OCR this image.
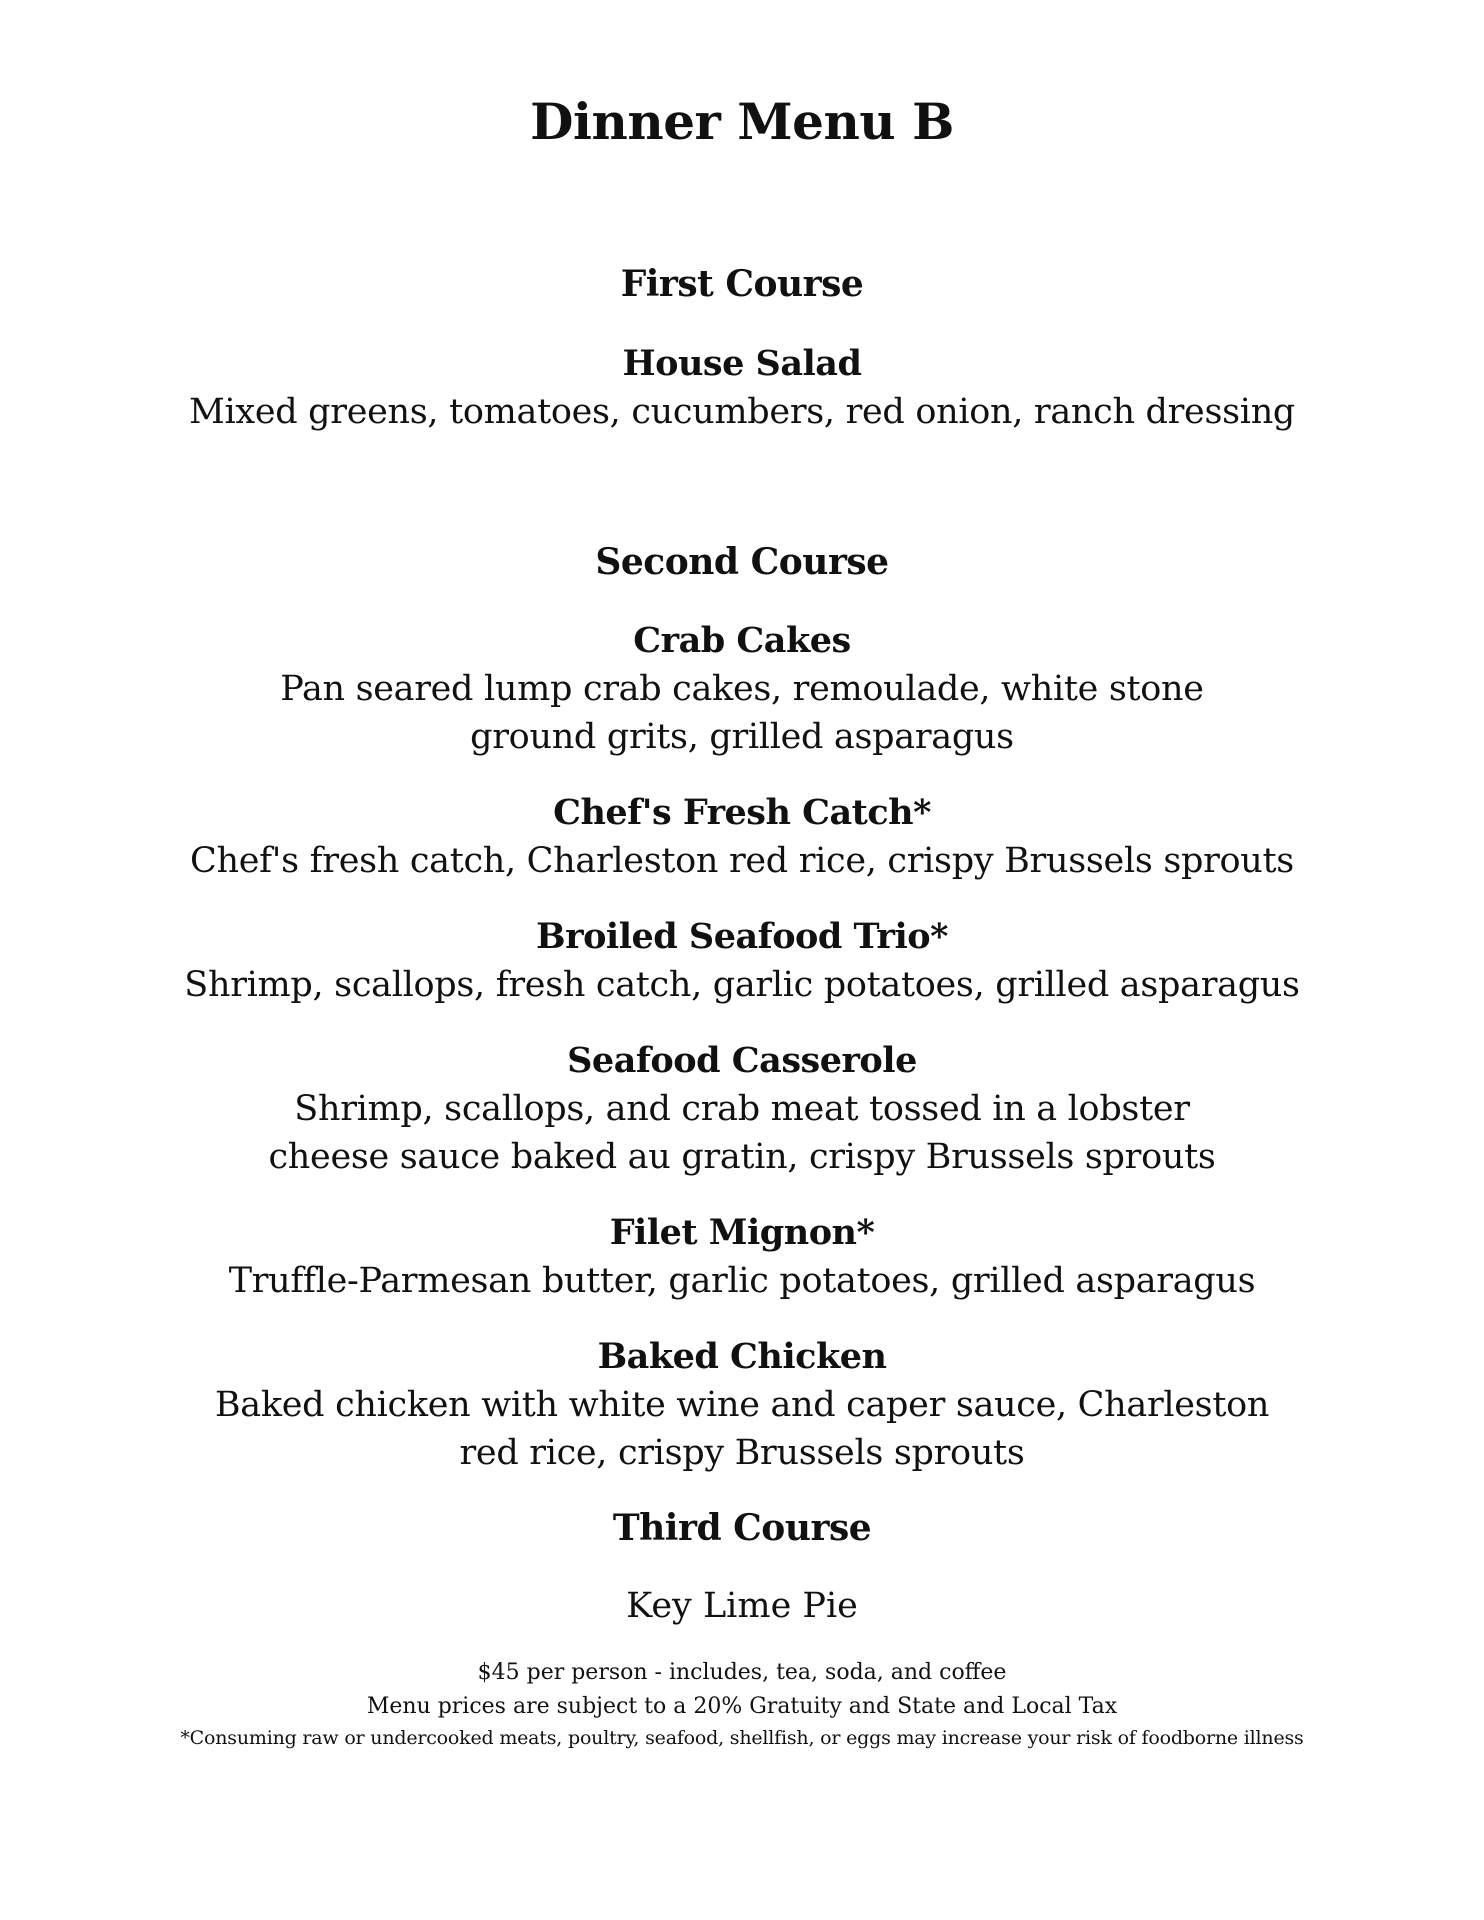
Dinner Menu B
First Course
House Salad
Mixed greens, tomatoes, cucumbers, red onion, ranch dressing
Second Course
Crab Cakes
Pan seared lump crab cakes, remoulade, white stone ground grits, grilled asparagus
Chef's Fresh Catch*
Chef's fresh catch, Charleston red rice, crispy Brussels sprouts
Broiled Seafood Trio*
Shrimp, scallops, fresh catch, garlic potatoes, grilled asparagus
Seafood Casserole
Shrimp, scallops, and crab meat tossed in a lobster cheese sauce baked au gratin, crispy Brussels sprouts
Filet Mignon*
Truffle-Parmesan butter, garlic potatoes, grilled asparagus
Baked Chicken
Baked chicken with white wine and caper sauce, Charleston red rice, crispy Brussels sprouts
Third Course
Key Lime Pie
$45 per person - includes, tea, soda, and coffee
Menu prices are subject to a 20% Gratuity and State and Local Tax
*Consuming raw or undercooked meats, poultry, seafood, shellfish, or eggs may increase your risk of foodborne illness
